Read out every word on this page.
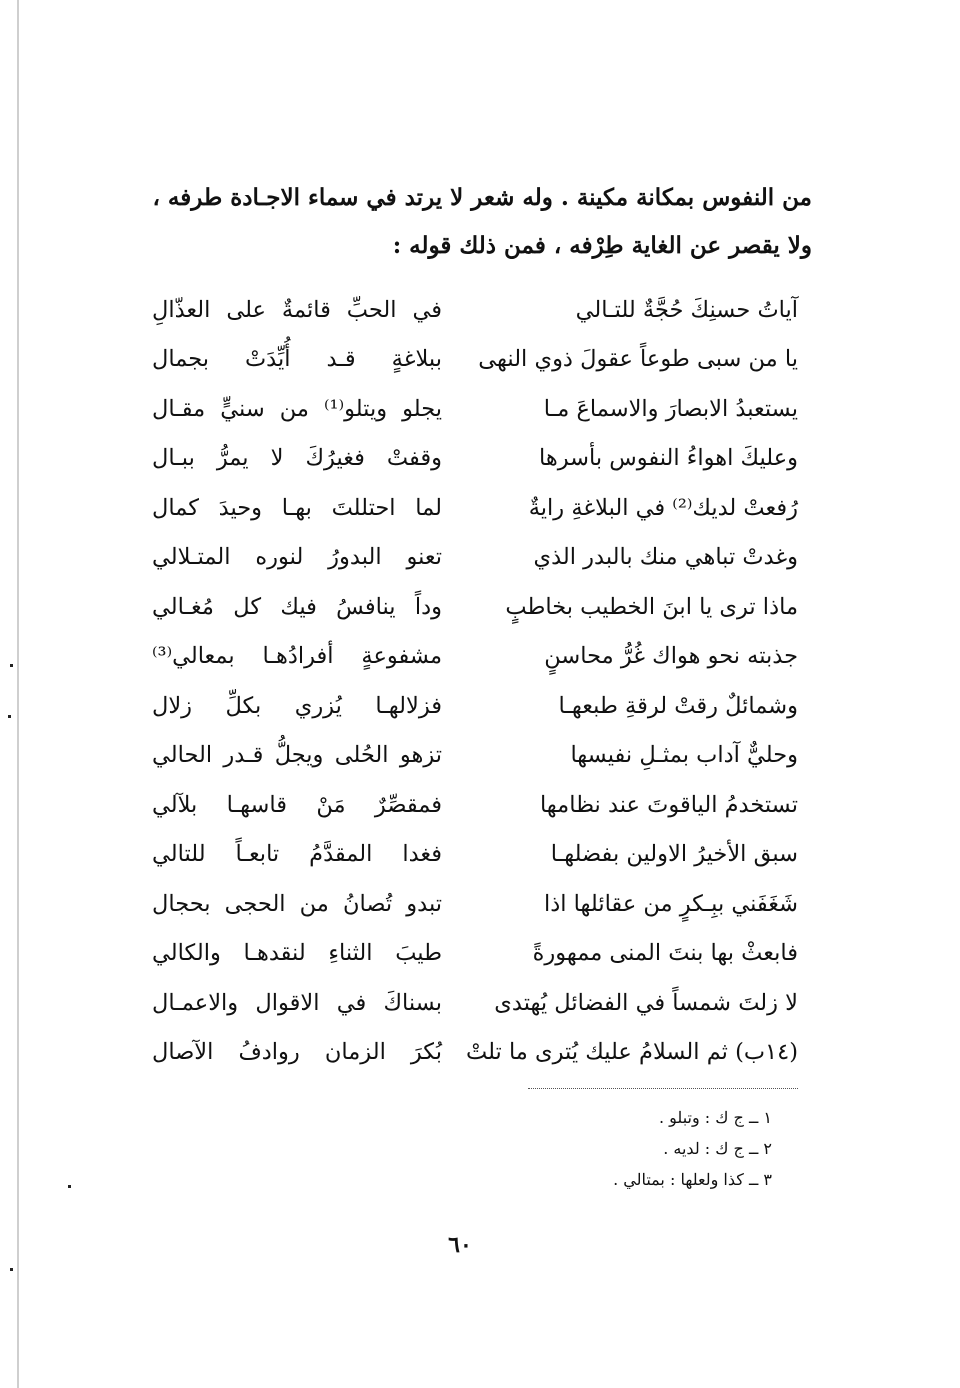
من النفوس بمكانة مكينة . وله شعر لا يرتد في سماء الاجـادة طرفه ،
ولا يقصر عن الغاية طِرْفه ، فمن ذلك قوله :
آياتُ حسنِكَ حُجَّةٌ للتـالي
في الحبِّ قائمةٌ على العذّالِ
يا من سبى طوعاً عقولَ ذوي النهى
ببلاغةٍ قـد أُيِّدَتْ بجمال
يستعبدُ الابصارَ والاسماعَ مـا
يجلو ويتلو⁽¹⁾ من سنيٍّ مقـال
وعليكَ اهواءُ النفوس بأسرها
وقفتْ فغيرُكَ لا يمرُّ ببـال
رُفعتْ لديك⁽²⁾ في البلاغةِ رايةٌ
لما احتللتَ بهـا وحيدَ كمال
وغدتْ تباهي منك بالبدر الذي
تعنو البدورُ لنوره المتـلالي
ماذا ترى يا ابنَ الخطيب بخاطبٍ
وداً ينافسُ فيك كل مُغـالي
جذبته نحو هواك غُرُّ محاسنٍ
مشفوعةٍ أفرادُهـا بمعالي⁽³⁾
وشمائلٌ رقتْ لرقةِ طبعهـا
فزلالهـا يُزري بكلِّ زلال
وحليٌّ آداب بمثـلِ نفيسها
تزهو الحُلى ويجلُّ قـدر الحالي
تستخدمُ الياقوتَ عند نظامها
فمقصِّرٌ مَنْ قاسهـا بلآلي
سبق الأخيرُ الاولين بفضلهـا
فغدا المقدَّمُ تابعـاً للتالي
شَغَفَني ببِـكرٍ من عقائلها اذا
تبدو تُصانُ من الحجى بحجال
فابعثْ بها بنتَ المنى ممهورةً
طيبَ الثناءِ لنقدهـا والكالي
لا زلتَ شمساً في الفضائل يُهتدى
بسناكَ في الاقوال والاعمـال
(١٤ب) ثم السلامُ عليك يُترى ما تلتْ
بُكرَ الزمان روادفُ الآصال
١ ــ ج ك : وتبلو .
٢ ــ ج ك : لديه .
٣ ــ كذا ولعلها : بمتالي .
٦٠
